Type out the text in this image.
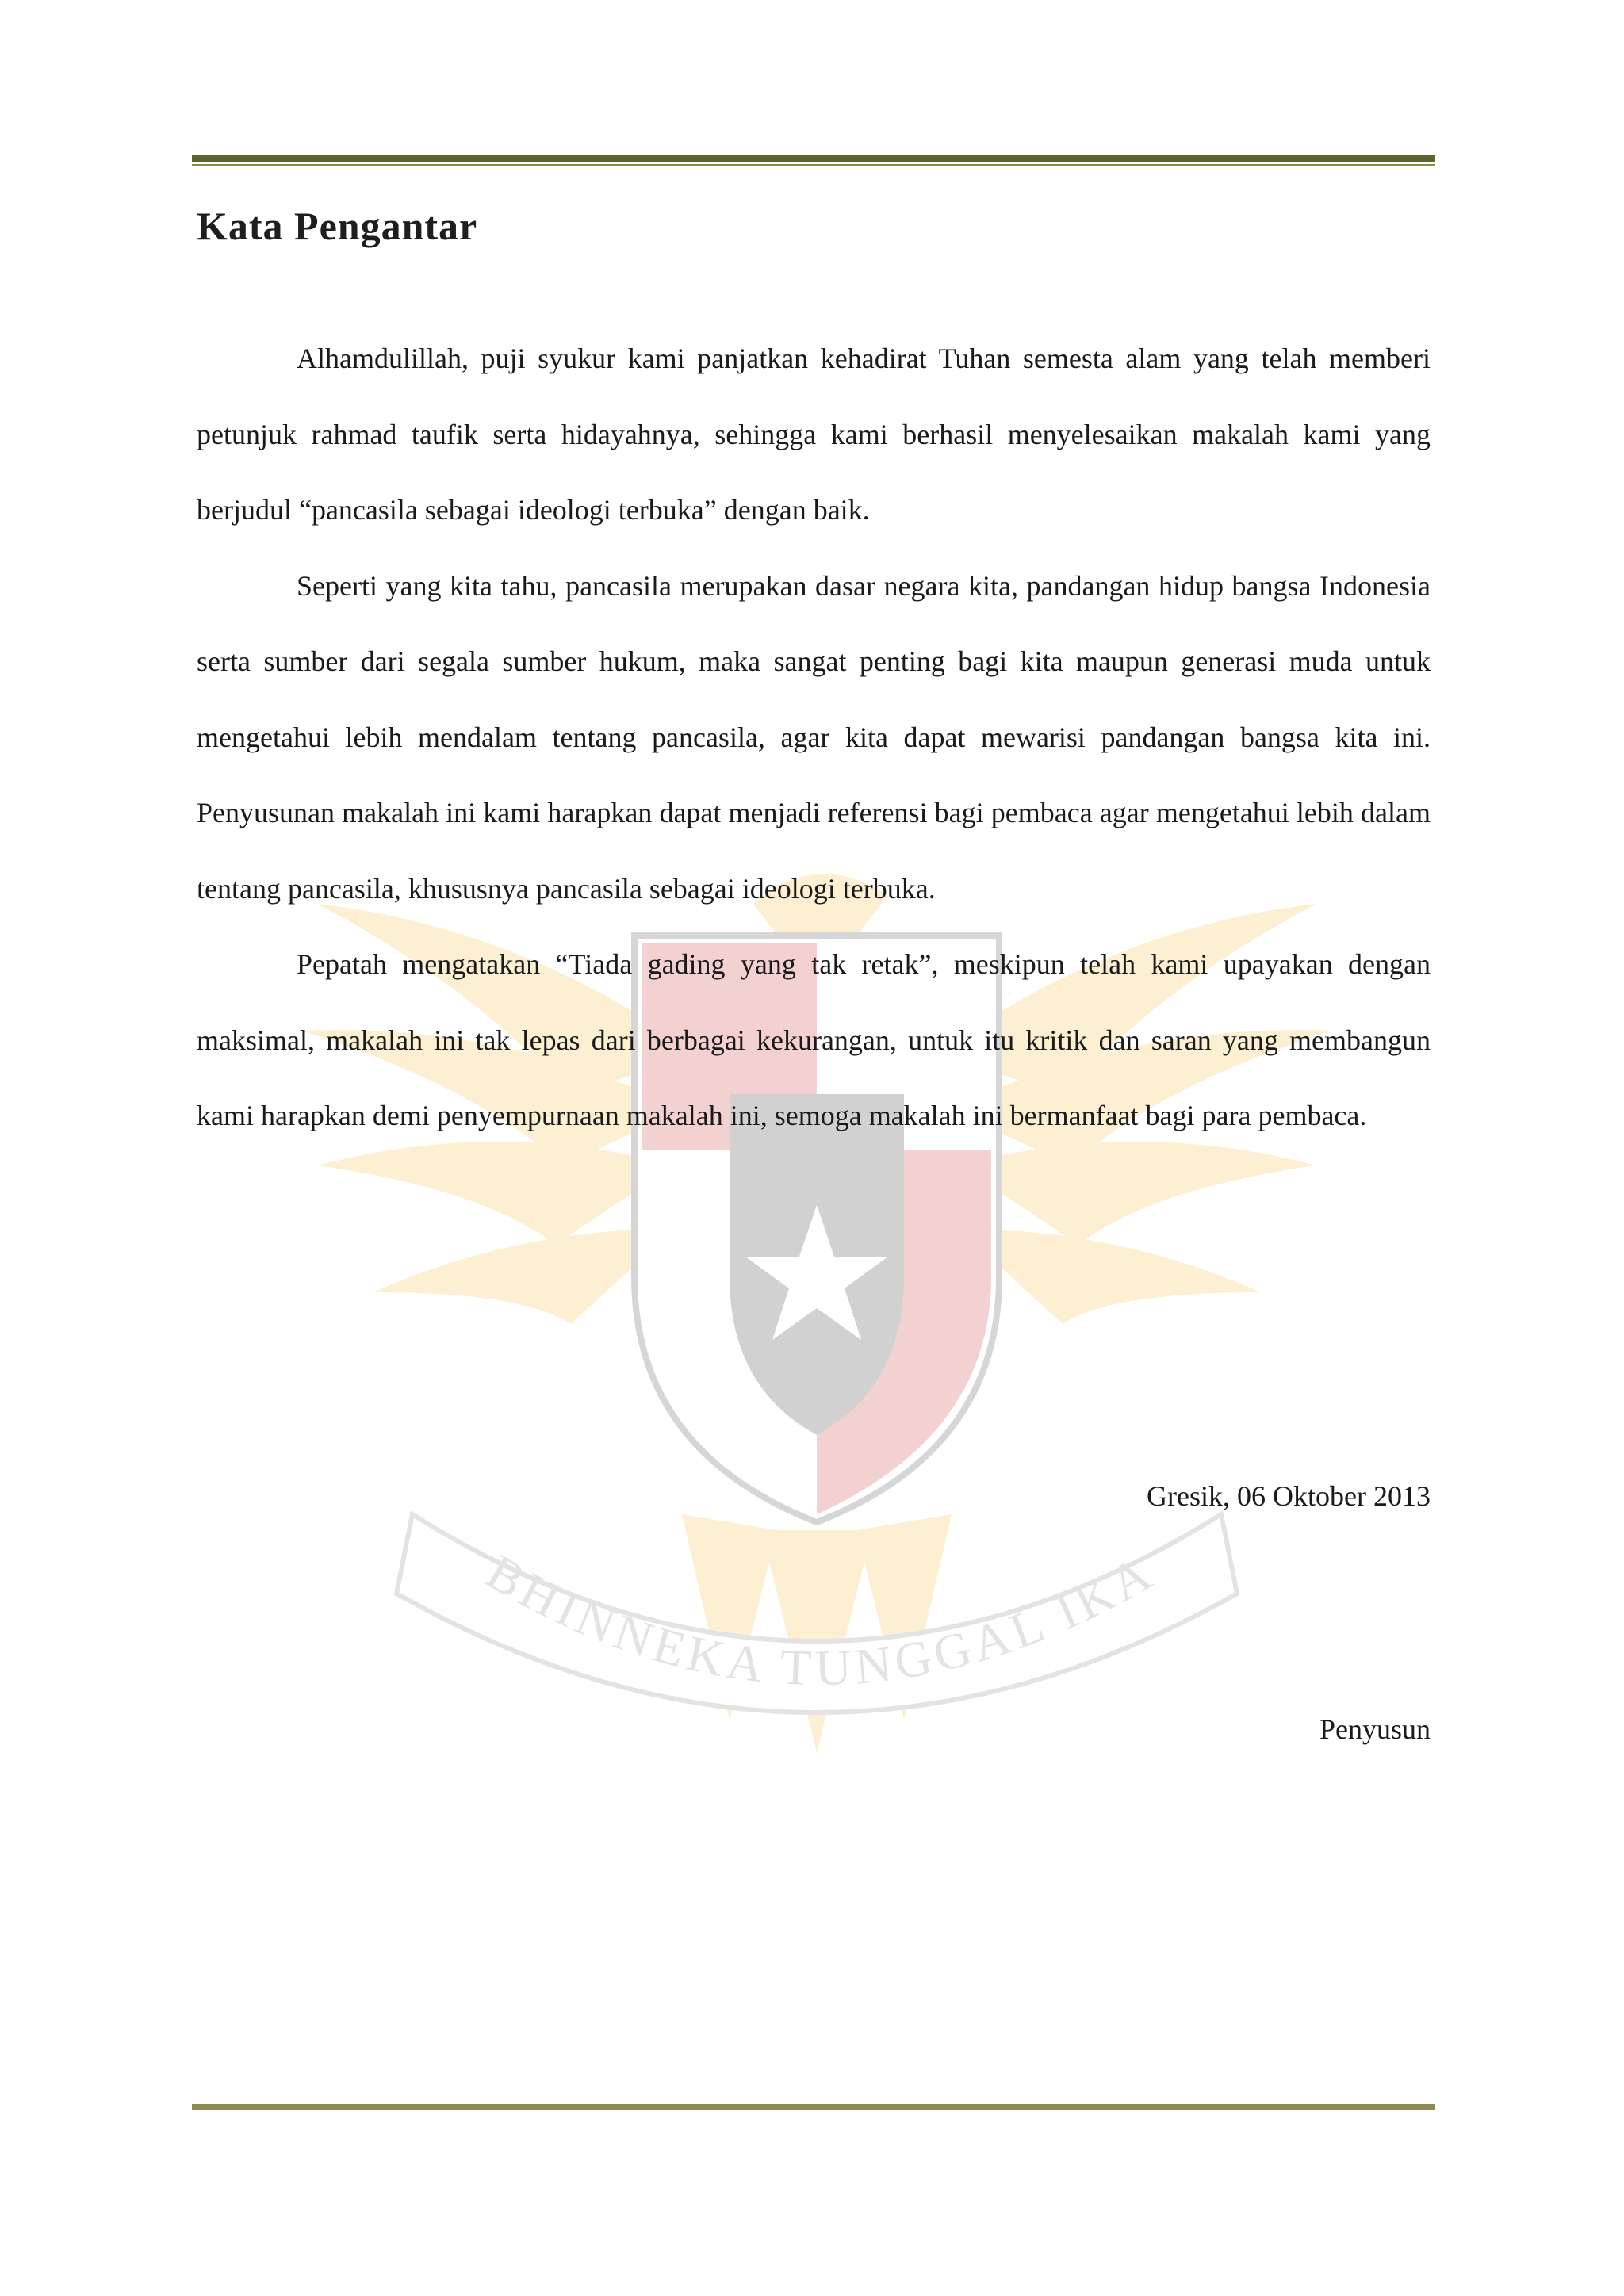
BHINNEKA TUNGGAL IKA
Kata Pengantar

Alhamdulillah, puji syukur kami panjatkan kehadirat Tuhan semesta alam yang telah memberi petunjuk rahmad taufik serta hidayahnya, sehingga kami berhasil menyelesaikan makalah kami yang berjudul “pancasila sebagai ideologi terbuka” dengan baik.

Seperti yang kita tahu, pancasila merupakan dasar negara kita, pandangan hidup bangsa Indonesia serta sumber dari segala sumber hukum, maka sangat penting bagi kita maupun generasi muda untuk mengetahui lebih mendalam tentang pancasila, agar kita dapat mewarisi pandangan bangsa kita ini. Penyusunan makalah ini kami harapkan dapat menjadi referensi bagi pembaca agar mengetahui lebih dalam tentang pancasila, khususnya pancasila sebagai ideologi terbuka.

Pepatah mengatakan “Tiada gading yang tak retak”, meskipun telah kami upayakan dengan maksimal, makalah ini tak lepas dari berbagai kekurangan, untuk itu kritik dan saran yang membangun kami harapkan demi penyempurnaan makalah ini, semoga makalah ini bermanfaat bagi para pembaca.

Gresik, 06 Oktober 2013

Penyusun
